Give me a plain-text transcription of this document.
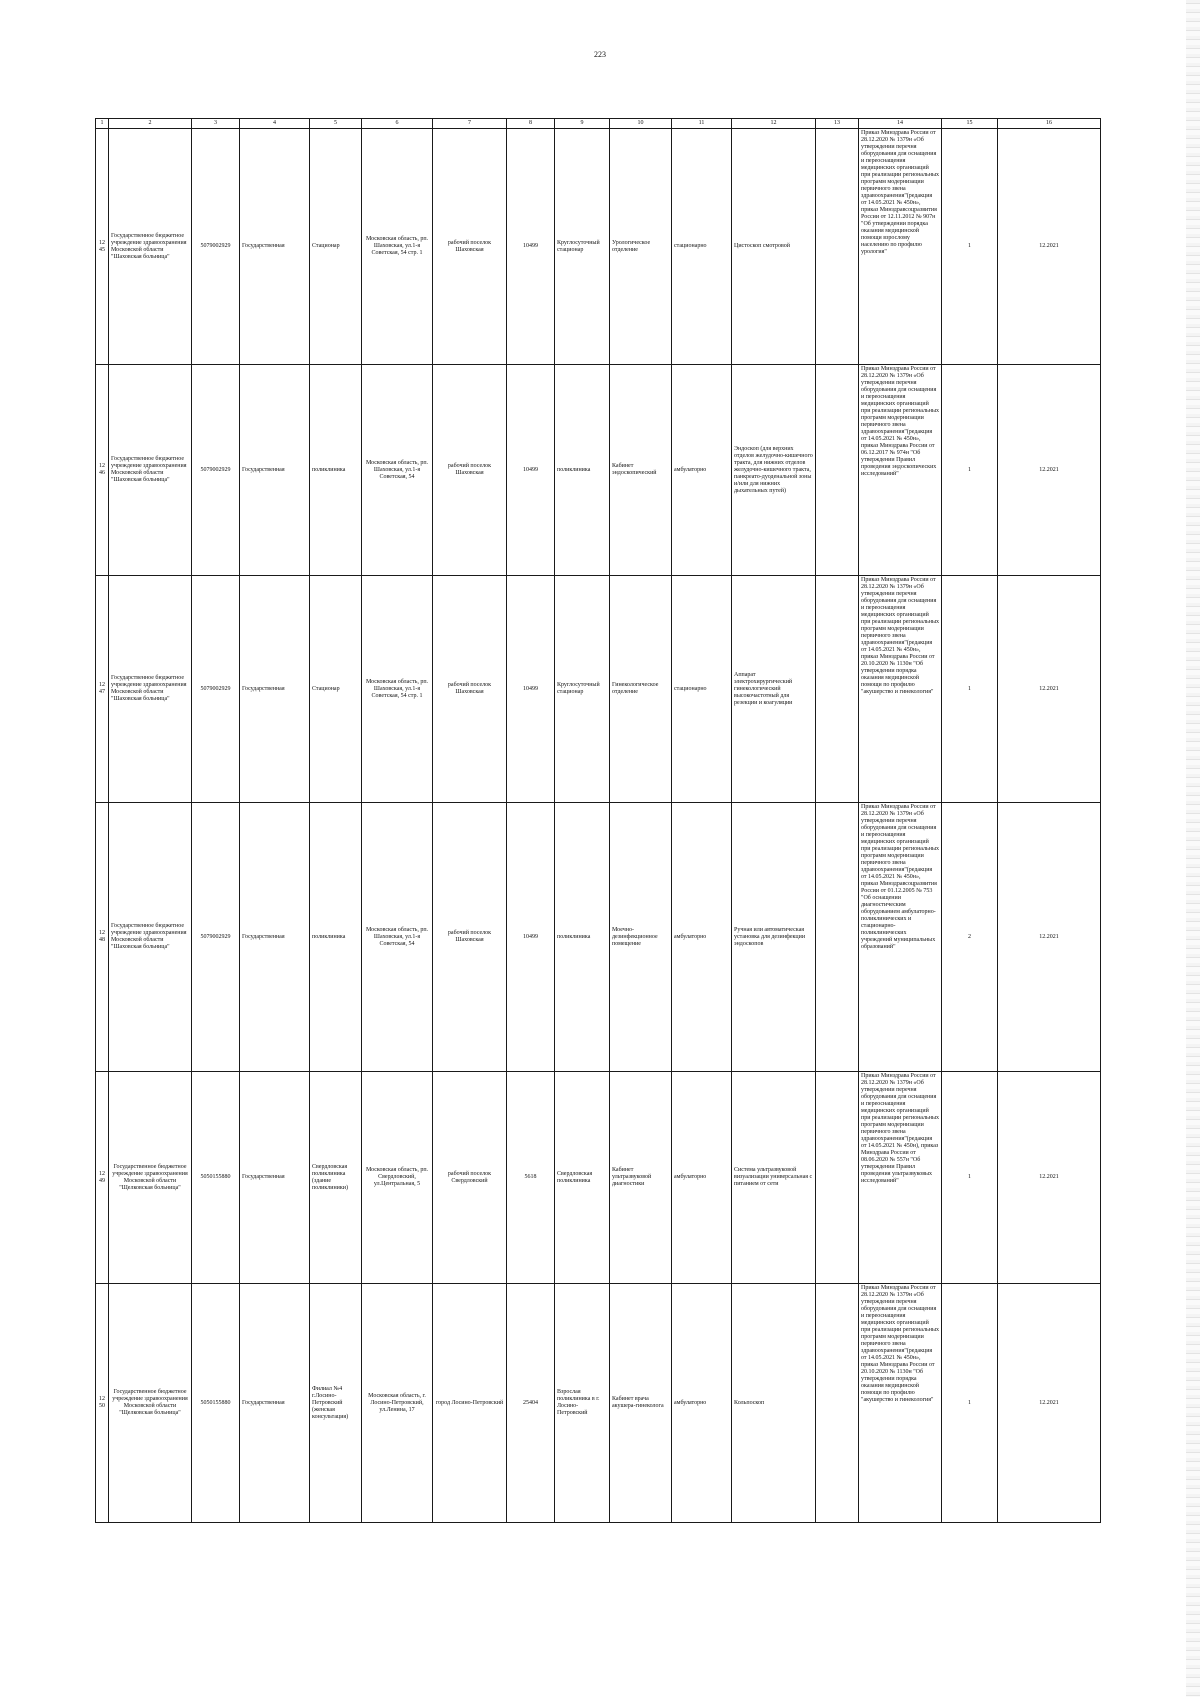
223
1	2	3	4	5	6	7	8	9	10	11	12	13	14	15	16
1245	Государственное бюджетное учреждение здравоохранения Московской области "Шаховская больница"	5079002929	Государственная	Стационар	Московская область, рп. Шаховская, ул.1-я Советская, 54 стр. 1	рабочий поселок Шаховская	10499	Круглосуточный стационар	Урологическое отделение	стационарно	Цистоскоп смотровой		Приказ Минздрава России от 28.12.2020 № 1379н «Об утверждении перечня оборудования для оснащения и переоснащения медицинских организаций при реализации региональных программ модернизации первичного звена здравоохранения"(редакция от 14.05.2021 № 450н», приказ Минздравсоцразвития России от 12.11.2012 № 907н "Об утверждении порядка оказания медицинской помощи взрослому населению по профилю урология"	1	12.2021
1246	Государственное бюджетное учреждение здравоохранения Московской области "Шаховская больница"	5079002929	Государственная	поликлиника	Московская область, рп. Шаховская, ул.1-я Советская, 54	рабочий поселок Шаховская	10499	поликлиника	Кабинет эндоскопический	амбулаторно	Эндоскоп (для верхних отделов желудочно-кишечного тракта, для нижних отделов желудочно-кишечного тракта, панкреато-дуоденальной зоны и/или для нижних дыхательных путей)		Приказ Минздрава России от 28.12.2020 № 1379н «Об утверждении перечня оборудования для оснащения и переоснащения медицинских организаций при реализации региональных программ модернизации первичного звена здравоохранения"(редакция от 14.05.2021 № 450н», приказ Минздрава России от 06.12.2017 № 974н "Об утверждении Правил проведения эндоскопических исследований"	1	12.2021
1247	Государственное бюджетное учреждение здравоохранения Московской области "Шаховская больница"	5079002929	Государственная	Стационар	Московская область, рп. Шаховская, ул.1-я Советская, 54 стр. 1	рабочий поселок Шаховская	10499	Круглосуточный стационар	Гинекологическое отделение	стационарно	Аппарат электрохирургический гинекологический высокочастотный для резекции и коагуляции		Приказ Минздрава России от 28.12.2020 № 1379н «Об утверждении перечня оборудования для оснащения и переоснащения медицинских организаций при реализации региональных программ модернизации первичного звена здравоохранения"(редакция от 14.05.2021 № 450н», приказ Минздрава России от 20.10.2020 № 1130н "Об утверждении порядка оказания медицинской помощи по профилю "акушерство и гинекология"	1	12.2021
1248	Государственное бюджетное учреждение здравоохранения Московской области "Шаховская больница"	5079002929	Государственная	поликлиника	Московская область, рп. Шаховская, ул.1-я Советская, 54	рабочий поселок Шаховская	10499	поликлиника	Моечно-дезинфекционное помещение	амбулаторно	Ручная или автоматическая установка для дезинфекции эндоскопов		Приказ Минздрава России от 28.12.2020 № 1379н «Об утверждении перечня оборудования для оснащения и переоснащения медицинских организаций при реализации региональных программ модернизации первичного звена здравоохранения"(редакция от 14.05.2021 № 450н», приказ Минздравсоцразвития России от 01.12.2005 № 753 "Об оснащении диагностическим оборудованием амбулаторно-поликлинических и стационарно-поликлинических учреждений муниципальных образований"	2	12.2021
1249	Государственное бюджетное учреждение здравоохранения Московской области "Щелковская больница"	5050155880	Государственная	Свердловская поликлиника (здание поликлиники)	Московская область, рп. Свердловский, ул.Центральная, 5	рабочий поселок Свердловский	5618	Свердловская поликлиника	Кабинет ультразвуковой диагностики	амбулаторно	Система ультразвуковой визуализации универсальная с питанием от сети		Приказ Минздрава России от 28.12.2020 № 1379н «Об утверждении перечня оборудования для оснащения и переоснащения медицинских организаций при реализации региональных программ модернизации первичного звена здравоохранения"(редакция от 14.05.2021 № 450н), приказ Минздрава России от 08.06.2020 № 557н "Об утверждении Правил проведения ультразвуковых исследований"	1	12.2021
1250	Государственное бюджетное учреждение здравоохранения Московской области "Щелковская больница"	5050155880	Государственная	Филиал №4 г.Лосино-Петровский (женская консультация)	Московская область, г. Лосино-Петровский, ул.Ленина, 17	город Лосино-Петровский	25404	Взрослая поликлиника в г. Лосино-Петровский	Кабинет врача акушера-гинеколога	амбулаторно	Кольпоскоп		Приказ Минздрава России от 28.12.2020 № 1379н «Об утверждении перечня оборудования для оснащения и переоснащения медицинских организаций при реализации региональных программ модернизации первичного звена здравоохранения"(редакция от 14.05.2021 № 450н», приказ Минздрава России от 20.10.2020 № 1130н "Об утверждении порядка оказания медицинской помощи по профилю "акушерство и гинекология"	1	12.2021
